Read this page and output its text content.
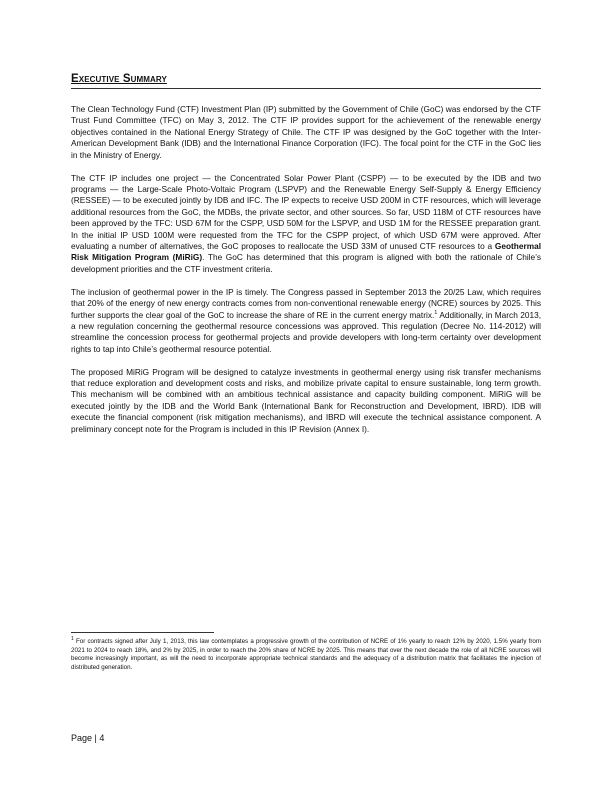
Executive Summary

The Clean Technology Fund (CTF) Investment Plan (IP) submitted by the Government of Chile (GoC) was endorsed by the CTF Trust Fund Committee (TFC) on May 3, 2012. The CTF IP provides support for the achievement of the renewable energy objectives contained in the National Energy Strategy of Chile. The CTF IP was designed by the GoC together with the Inter-American Development Bank (IDB) and the International Finance Corporation (IFC). The focal point for the CTF in the GoC lies in the Ministry of Energy.

The CTF IP includes one project — the Concentrated Solar Power Plant (CSPP) — to be executed by the IDB and two programs — the Large-Scale Photo-Voltaic Program (LSPVP) and the Renewable Energy Self-Supply & Energy Efficiency (RESSEE) — to be executed jointly by IDB and IFC. The IP expects to receive USD 200M in CTF resources, which will leverage additional resources from the GoC, the MDBs, the private sector, and other sources. So far, USD 118M of CTF resources have been approved by the TFC: USD 67M for the CSPP, USD 50M for the LSPVP, and USD 1M for the RESSEE preparation grant. In the initial IP USD 100M were requested from the TFC for the CSPP project, of which USD 67M were approved. After evaluating a number of alternatives, the GoC proposes to reallocate the USD 33M of unused CTF resources to a Geothermal Risk Mitigation Program (MiRiG). The GoC has determined that this program is aligned with both the rationale of Chile’s development priorities and the CTF investment criteria.

The inclusion of geothermal power in the IP is timely. The Congress passed in September 2013 the 20/25 Law, which requires that 20% of the energy of new energy contracts comes from non-conventional renewable energy (NCRE) sources by 2025. This further supports the clear goal of the GoC to increase the share of RE in the current energy matrix.$^1$ Additionally, in March 2013, a new regulation concerning the geothermal resource concessions was approved. This regulation (Decree No. 114-2012) will streamline the concession process for geothermal projects and provide developers with long-term certainty over development rights to tap into Chile’s geothermal resource potential.

The proposed MiRiG Program will be designed to catalyze investments in geothermal energy using risk transfer mechanisms that reduce exploration and development costs and risks, and mobilize private capital to ensure sustainable, long term growth. This mechanism will be combined with an ambitious technical assistance and capacity building component. MiRiG will be executed jointly by the IDB and the World Bank (International Bank for Reconstruction and Development, IBRD). IDB will execute the financial component (risk mitigation mechanisms), and IBRD will execute the technical assistance component. A preliminary concept note for the Program is included in this IP Revision (Annex I).

$^1$ For contracts signed after July 1, 2013, this law contemplates a progressive growth of the contribution of NCRE of 1% yearly to reach 12% by 2020, 1.5% yearly from 2021 to 2024 to reach 18%, and 2% by 2025, in order to reach the 20% share of NCRE by 2025. This means that over the next decade the role of all NCRE sources will become increasingly important, as will the need to incorporate appropriate technical standards and the adequacy of a distribution matrix that facilitates the injection of distributed generation.

Page | 4
